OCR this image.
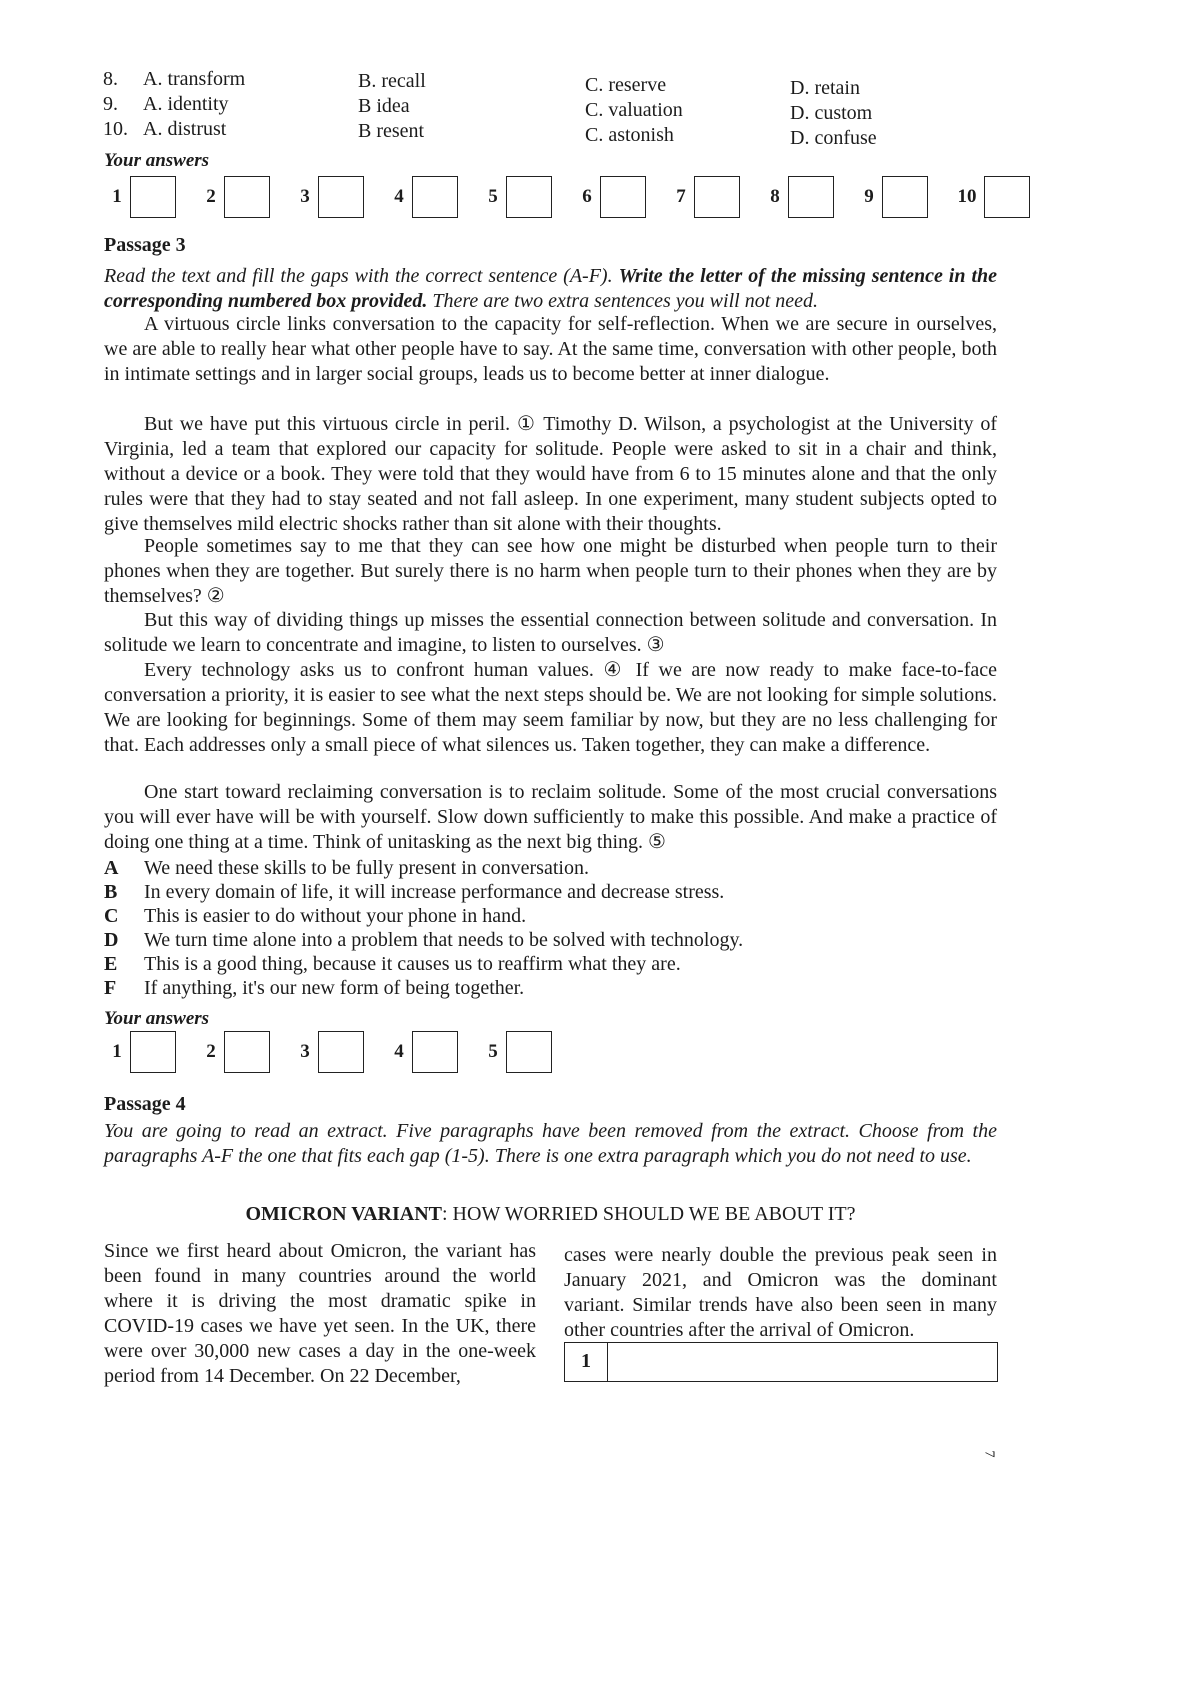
8. A. transform	B. recall	C. reserve	D. retain
9. A. identity	B idea	C. valuation	D. custom
10. A. distrust	B resent	C. astonish	D. confuse
Your answers
1	2	3	4	5	6	7	8	9	10
Passage 3
Read the text and fill the gaps with the correct sentence (A-F). Write the letter of the missing sentence in the corresponding numbered box provided. There are two extra sentences you will not need.
A virtuous circle links conversation to the capacity for self-reflection. When we are secure in ourselves, we are able to really hear what other people have to say. At the same time, conversation with other people, both in intimate settings and in larger social groups, leads us to become better at inner dialogue.
But we have put this virtuous circle in peril. ① Timothy D. Wilson, a psychologist at the University of Virginia, led a team that explored our capacity for solitude. People were asked to sit in a chair and think, without a device or a book. They were told that they would have from 6 to 15 minutes alone and that the only rules were that they had to stay seated and not fall asleep. In one experiment, many student subjects opted to give themselves mild electric shocks rather than sit alone with their thoughts.
People sometimes say to me that they can see how one might be disturbed when people turn to their phones when they are together. But surely there is no harm when people turn to their phones when they are by themselves? ②
But this way of dividing things up misses the essential connection between solitude and conversation. In solitude we learn to concentrate and imagine, to listen to ourselves. ③
Every technology asks us to confront human values. ④ If we are now ready to make face-to-face conversation a priority, it is easier to see what the next steps should be. We are not looking for simple solutions. We are looking for beginnings. Some of them may seem familiar by now, but they are no less challenging for that. Each addresses only a small piece of what silences us. Taken together, they can make a difference.
One start toward reclaiming conversation is to reclaim solitude. Some of the most crucial conversations you will ever have will be with yourself. Slow down sufficiently to make this possible. And make a practice of doing one thing at a time. Think of unitasking as the next big thing. ⑤
A	We need these skills to be fully present in conversation.
B	In every domain of life, it will increase performance and decrease stress.
C	This is easier to do without your phone in hand.
D	We turn time alone into a problem that needs to be solved with technology.
E	This is a good thing, because it causes us to reaffirm what they are.
F	If anything, it's our new form of being together.
Your answers
1	2	3	4	5
Passage 4
You are going to read an extract. Five paragraphs have been removed from the extract. Choose from the paragraphs A-F the one that fits each gap (1-5). There is one extra paragraph which you do not need to use.
OMICRON VARIANT: HOW WORRIED SHOULD WE BE ABOUT IT?
Since we first heard about Omicron, the variant has been found in many countries around the world where it is driving the most dramatic spike in COVID-19 cases we have yet seen. In the UK, there were over 30,000 new cases a day in the one-week period from 14 December. On 22 December,
cases were nearly double the previous peak seen in January 2021, and Omicron was the dominant variant. Similar trends have also been seen in many other countries after the arrival of Omicron.
1
7
